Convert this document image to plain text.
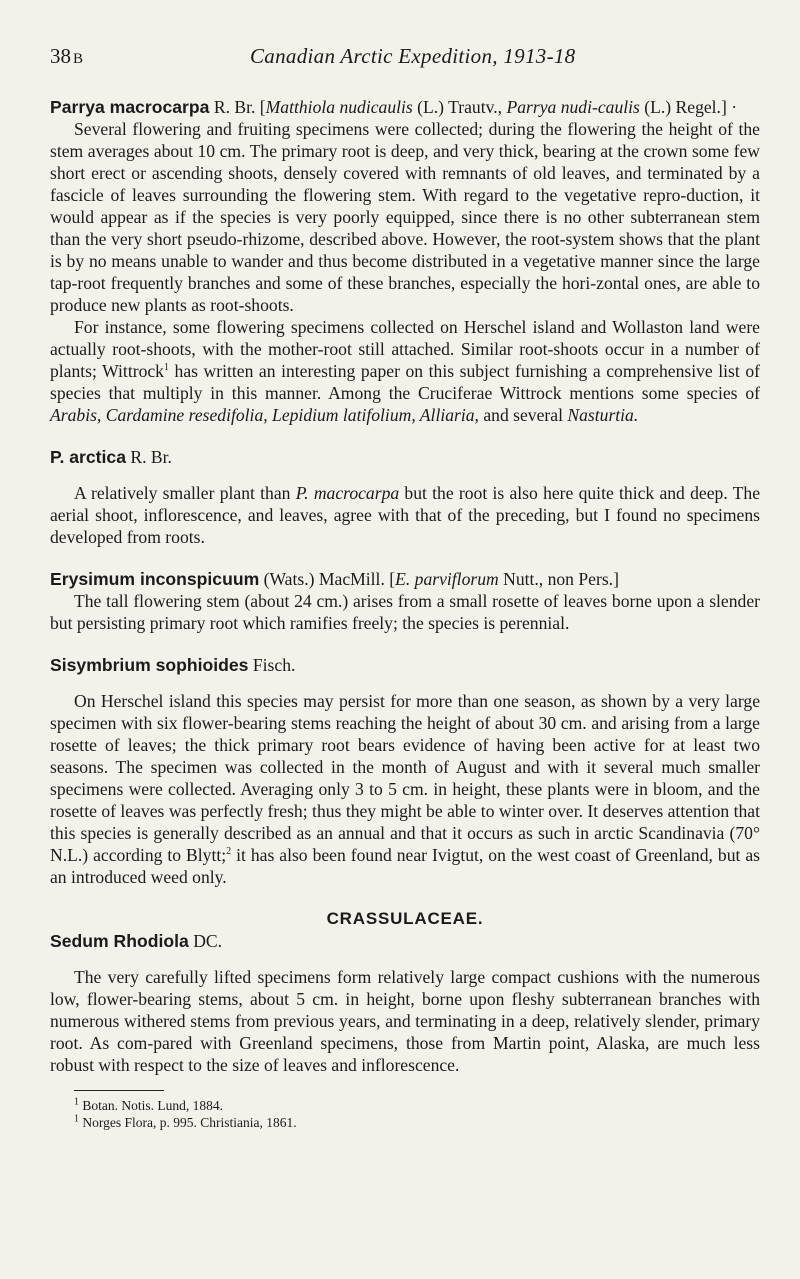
38 B	Canadian Arctic Expedition, 1913-18

Parrya macrocarpa R. Br. [Matthiola nudicaulis (L.) Trautv., Parrya nudi-caulis (L.) Regel.] ·

Several flowering and fruiting specimens were collected; during the flowering the height of the stem averages about 10 cm. The primary root is deep, and very thick, bearing at the crown some few short erect or ascending shoots, densely covered with remnants of old leaves, and terminated by a fascicle of leaves surrounding the flowering stem. With regard to the vegetative repro-duction, it would appear as if the species is very poorly equipped, since there is no other subterranean stem than the very short pseudo-rhizome, described above. However, the root-system shows that the plant is by no means unable to wander and thus become distributed in a vegetative manner since the large tap-root frequently branches and some of these branches, especially the hori-zontal ones, are able to produce new plants as root-shoots.

For instance, some flowering specimens collected on Herschel island and Wollaston land were actually root-shoots, with the mother-root still attached. Similar root-shoots occur in a number of plants; Wittrock$^1$ has written an interesting paper on this subject furnishing a comprehensive list of species that multiply in this manner. Among the Cruciferae Wittrock mentions some species of Arabis, Cardamine resedifolia, Lepidium latifolium, Alliaria, and several Nasturtia.

P. arctica R. Br.

A relatively smaller plant than P. macrocarpa but the root is also here quite thick and deep. The aerial shoot, inflorescence, and leaves, agree with that of the preceding, but I found no specimens developed from roots.

Erysimum inconspicuum (Wats.) MacMill. [E. parviflorum Nutt., non Pers.]

The tall flowering stem (about 24 cm.) arises from a small rosette of leaves borne upon a slender but persisting primary root which ramifies freely; the species is perennial.

Sisymbrium sophioides Fisch.

On Herschel island this species may persist for more than one season, as shown by a very large specimen with six flower-bearing stems reaching the height of about 30 cm. and arising from a large rosette of leaves; the thick primary root bears evidence of having been active for at least two seasons. The specimen was collected in the month of August and with it several much smaller specimens were collected. Averaging only 3 to 5 cm. in height, these plants were in bloom, and the rosette of leaves was perfectly fresh; thus they might be able to winter over. It deserves attention that this species is generally described as an annual and that it occurs as such in arctic Scandinavia (70° N.L.) according to Blytt;$^2$ it has also been found near Ivigtut, on the west coast of Greenland, but as an introduced weed only.

CRASSULACEAE.

Sedum Rhodiola DC.

The very carefully lifted specimens form relatively large compact cushions with the numerous low, flower-bearing stems, about 5 cm. in height, borne upon fleshy subterranean branches with numerous withered stems from previous years, and terminating in a deep, relatively slender, primary root. As com-pared with Greenland specimens, those from Martin point, Alaska, are much less robust with respect to the size of leaves and inflorescence.

$^1$ Botan. Notis. Lund, 1884.

$^1$ Norges Flora, p. 995. Christiania, 1861.
